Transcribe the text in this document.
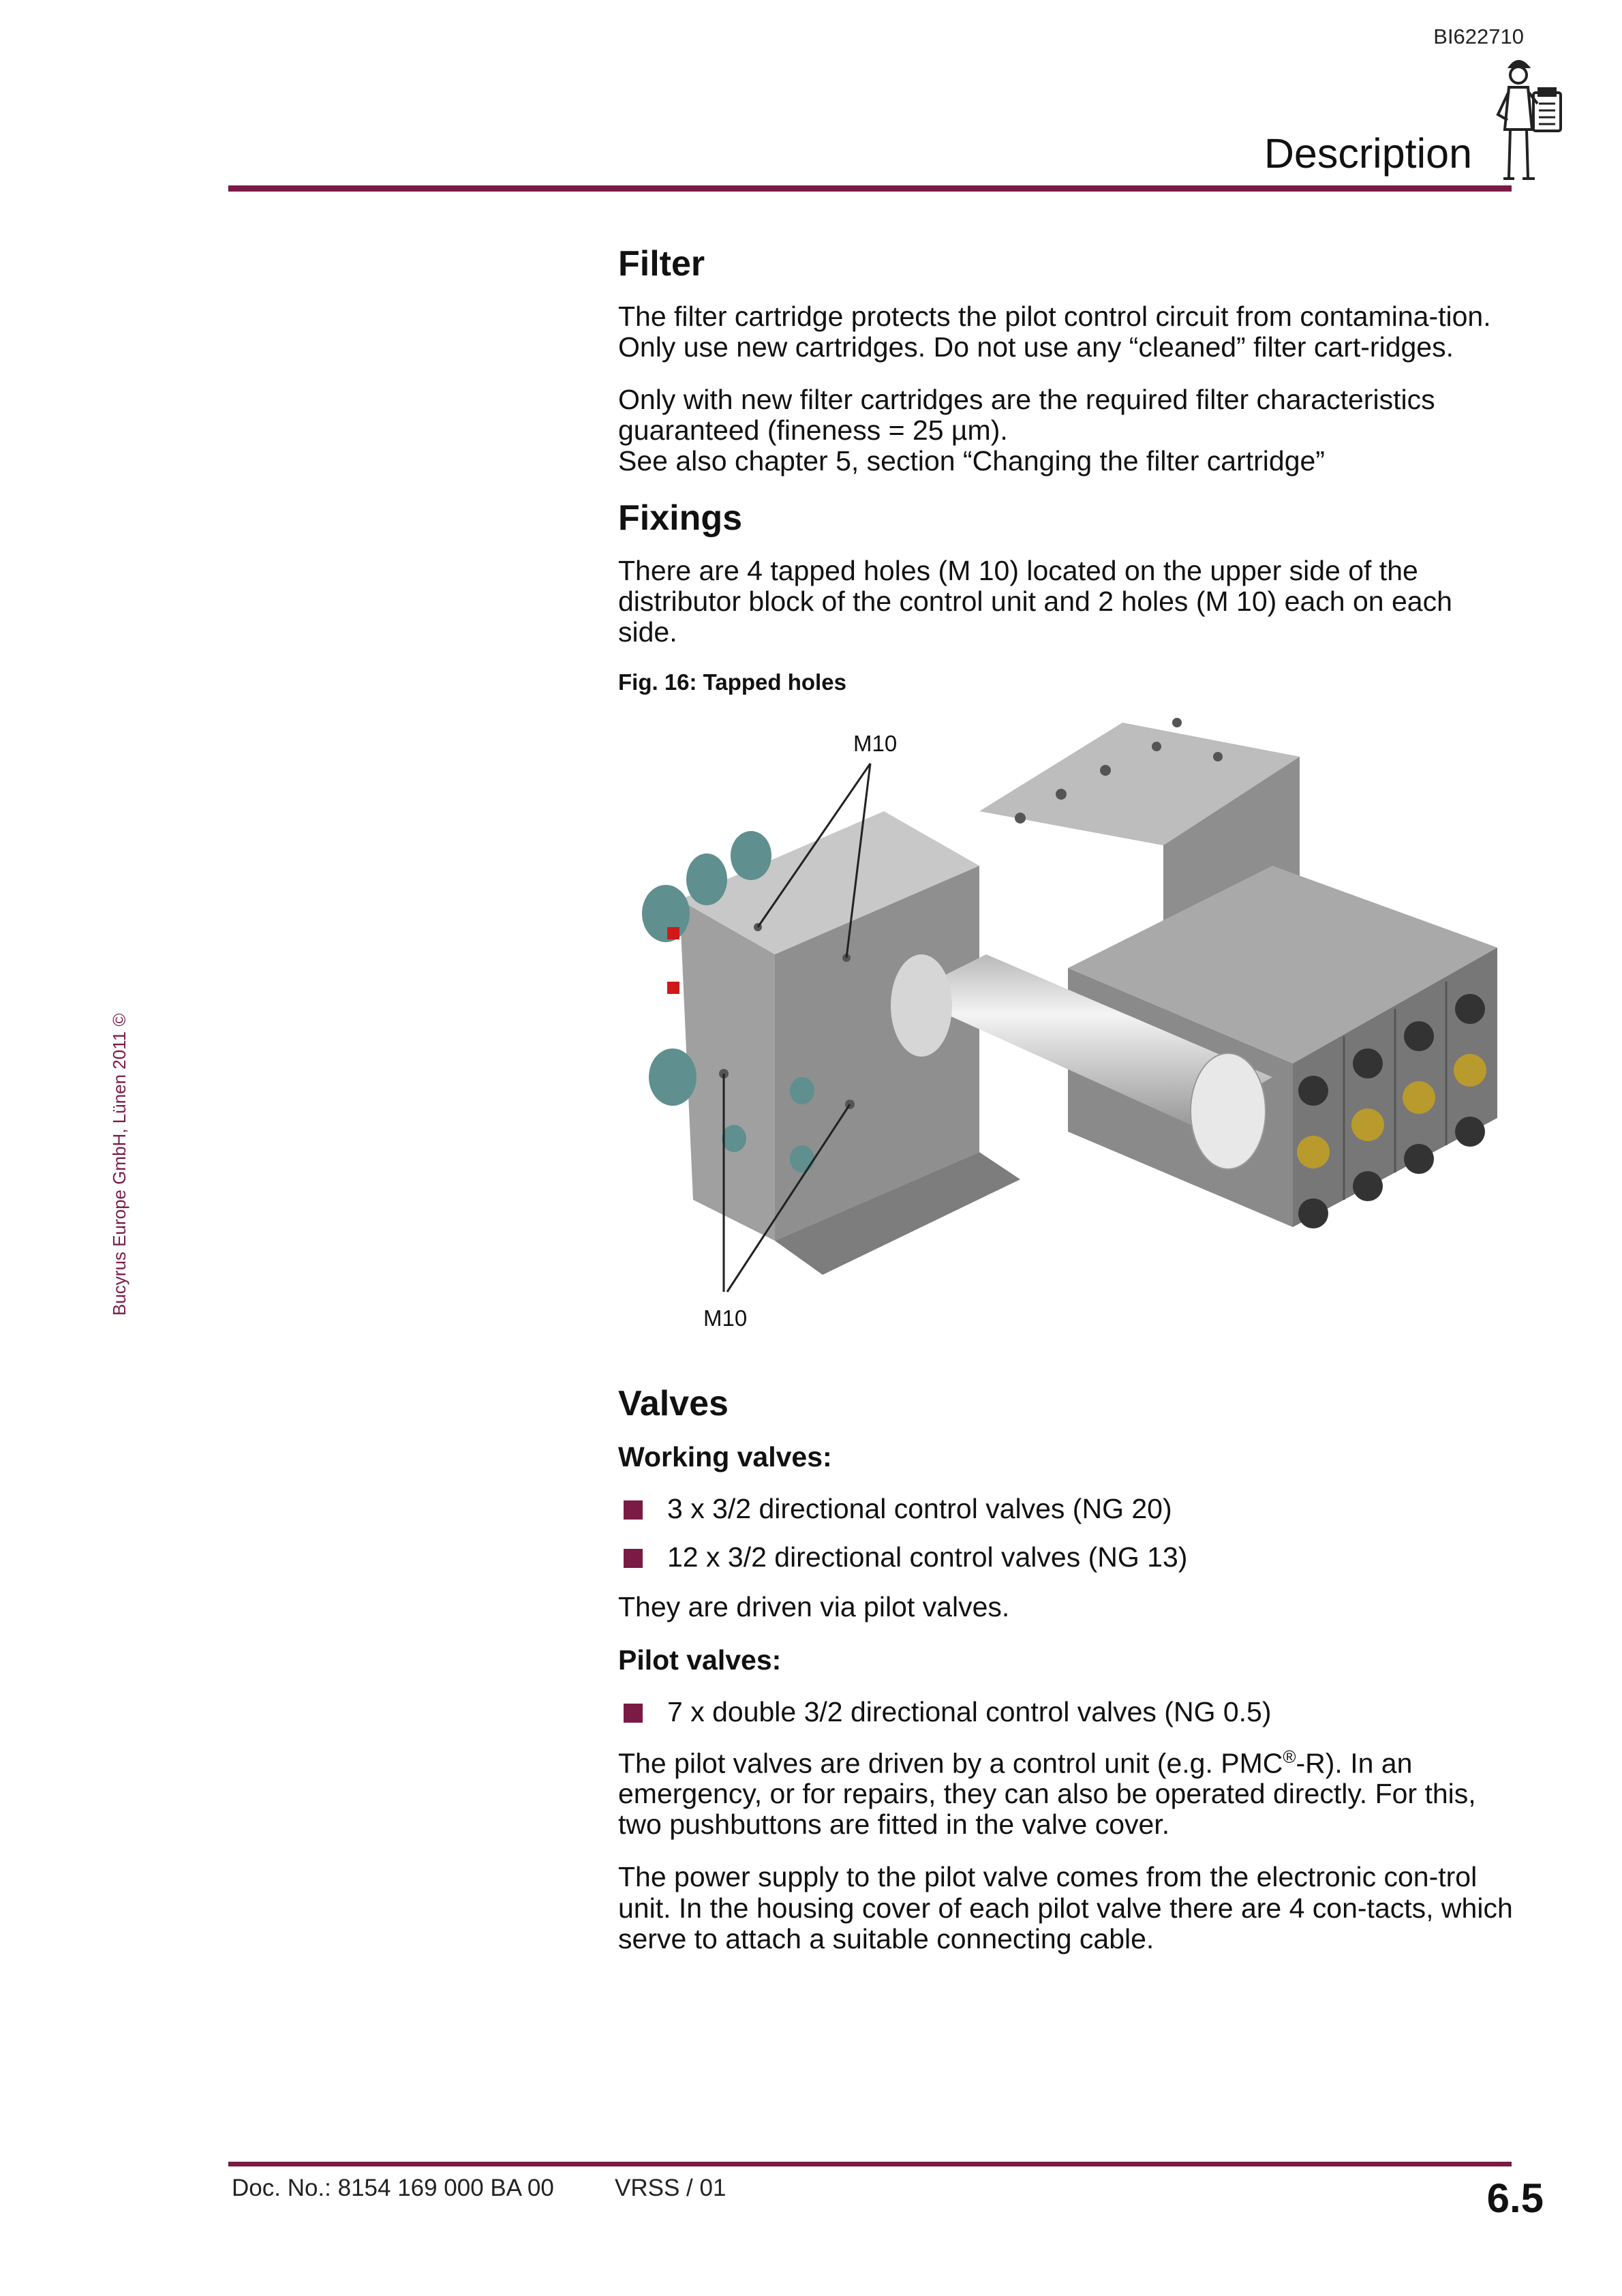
BI622710
Description
Bucyrus Europe GmbH, Lünen 2011 ©
Filter

The filter cartridge protects the pilot control circuit from contamina-tion. Only use new cartridges. Do not use any “cleaned” filter cart-ridges.

Only with new filter cartridges are the required filter characteristics guaranteed (fineness = 25 µm).
See also chapter 5, section “Changing the filter cartridge”

Fixings

There are 4 tapped holes (M 10) located on the upper side of the distributor block of the control unit and 2 holes (M 10) each on each side.

Fig. 16: Tapped holes
M10
M10
Valves
Working valves:
3 x 3/2 directional control valves (NG 20)
12 x 3/2 directional control valves (NG 13)

They are driven via pilot valves.

Pilot valves:
7 x double 3/2 directional control valves (NG 0.5)

The pilot valves are driven by a control unit (e.g. PMC®-R). In an emergency, or for repairs, they can also be operated directly. For this, two pushbuttons are fitted in the valve cover.

The power supply to the pilot valve comes from the electronic con-trol unit. In the housing cover of each pilot valve there are 4 con-tacts, which serve to attach a suitable connecting cable.

Doc. No.: 8154 169 000 BA 00	VRSS / 01	6.5
